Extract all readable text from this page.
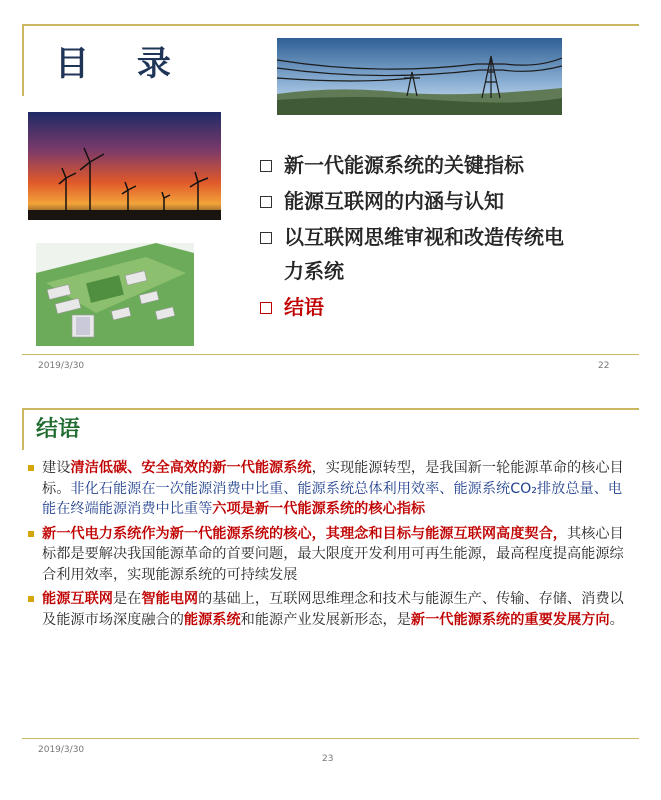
目 录
新一代能源系统的关键指标
能源互联网的内涵与认知
以互联网思维审视和改造传统电力系统
结语
2019/3/30	22
结语
建设清洁低碳、安全高效的新一代能源系统，实现能源转型，是我国新一轮能源革命的核心目标。非化石能源在一次能源消费中比重、能源系统总体利用效率、能源系统CO₂排放总量、电能在终端能源消费中比重等六项是新一代能源系统的核心指标
新一代电力系统作为新一代能源系统的核心，其理念和目标与能源互联网高度契合，其核心目标都是要解决我国能源革命的首要问题，最大限度开发利用可再生能源，最高程度提高能源综合利用效率，实现能源系统的可持续发展
能源互联网是在智能电网的基础上，互联网思维理念和技术与能源生产、传输、存储、消费以及能源市场深度融合的能源系统和能源产业发展新形态，是新一代能源系统的重要发展方向。
2019/3/30
23
